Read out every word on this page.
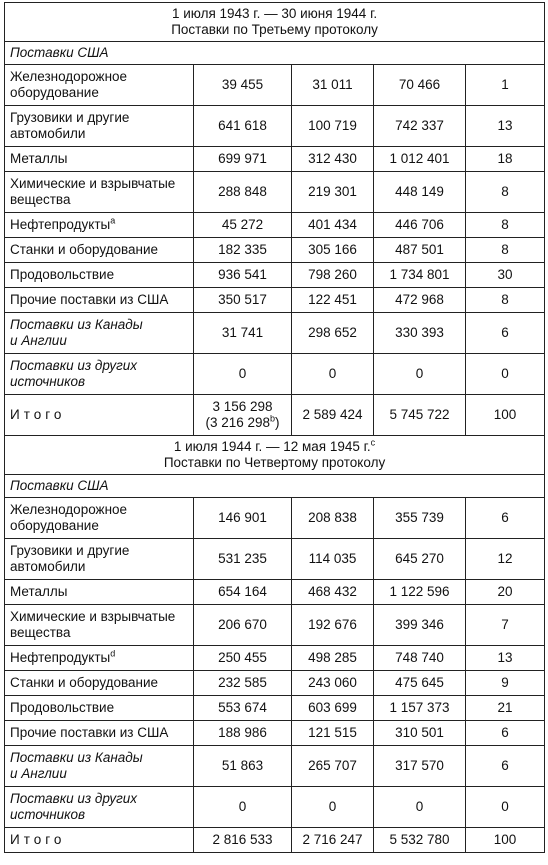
1 июля 1943 г. — 30 июня 1944 г.
Поставки по Третьему протоколу				
Поставки США				
Железнодорожное
оборудование	39 455	31 011	70 466	1
Грузовики и другие
автомобили	641 618	100 719	742 337	13
Металлы	699 971	312 430	1 012 401	18
Химические и взрывчатые
вещества	288 848	219 301	448 149	8
Нефтепродукты$^a$	45 272	401 434	446 706	8
Станки и оборудование	182 335	305 166	487 501	8
Продовольствие	936 541	798 260	1 734 801	30
Прочие поставки из США	350 517	122 451	472 968	8
Поставки из Канады
и Англии	31 741	298 652	330 393	6
Поставки из других
источников	0	0	0	0
Итого	3 156 298
(3 216 298$^b$)	2 589 424	5 745 722	100
1 июля 1944 г. — 12 мая 1945 г.$^c$
Поставки по Четвертому протоколу				
Поставки США				
Железнодорожное
оборудование	146 901	208 838	355 739	6
Грузовики и другие
автомобили	531 235	114 035	645 270	12
Металлы	654 164	468 432	1 122 596	20
Химические и взрывчатые
вещества	206 670	192 676	399 346	7
Нефтепродукты$^d$	250 455	498 285	748 740	13
Станки и оборудование	232 585	243 060	475 645	9
Продовольствие	553 674	603 699	1 157 373	21
Прочие поставки из США	188 986	121 515	310 501	6
Поставки из Канады
и Англии	51 863	265 707	317 570	6
Поставки из других
источников	0	0	0	0
Итого	2 816 533	2 716 247	5 532 780	100
